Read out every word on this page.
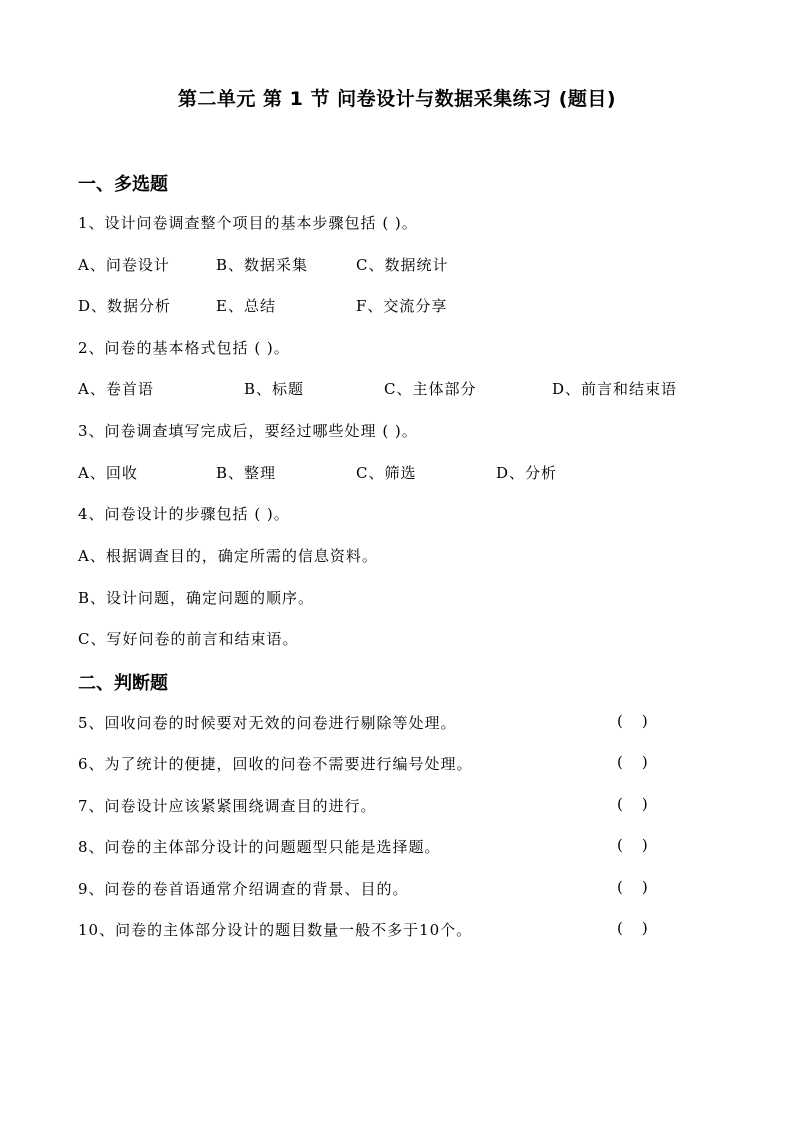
第二单元 第 1 节 问卷设计与数据采集练习 (题目)
一、多选题
1、设计问卷调查整个项目的基本步骤包括 ( )。
A、问卷设计	B、数据采集	C、数据统计
D、数据分析	E、总结	F、交流分享
2、问卷的基本格式包括 ( )。
A、卷首语	B、标题	C、主体部分	D、前言和结束语
3、问卷调查填写完成后，要经过哪些处理 ( )。
A、回收	B、整理	C、筛选	D、分析
4、问卷设计的步骤包括 ( )。
A、根据调查目的，确定所需的信息资料。
B、设计问题，确定问题的顺序。
C、写好问卷的前言和结束语。
二、判断题
5、回收问卷的时候要对无效的问卷进行剔除等处理。	(    )
6、为了统计的便捷，回收的问卷不需要进行编号处理。	(    )
7、问卷设计应该紧紧围绕调查目的进行。	(    )
8、问卷的主体部分设计的问题题型只能是选择题。	(    )
9、问卷的卷首语通常介绍调查的背景、目的。	(    )
10、问卷的主体部分设计的题目数量一般不多于10个。	(    )
